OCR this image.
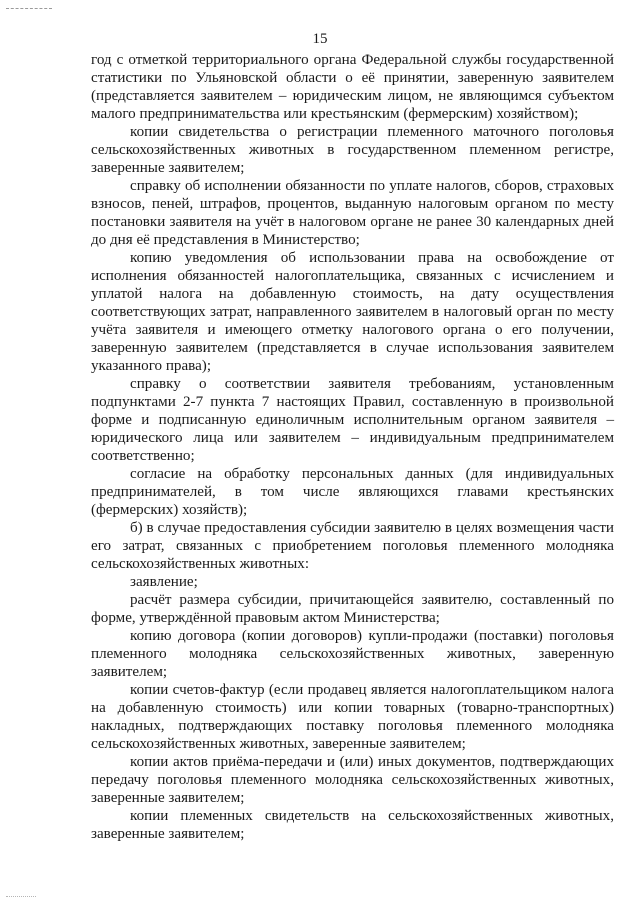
15

год с отметкой территориального органа Федеральной службы государственной статистики по Ульяновской области о её принятии, заверенную заявителем (представляется заявителем – юридическим лицом, не являющимся субъектом малого предпринимательства или крестьянским (фермерским) хозяйством);

копии свидетельства о регистрации племенного маточного поголовья сельскохозяйственных животных в государственном племенном регистре, заверенные заявителем;

справку об исполнении обязанности по уплате налогов, сборов, страховых взносов, пеней, штрафов, процентов, выданную налоговым органом по месту постановки заявителя на учёт в налоговом органе не ранее 30 календарных дней до дня её представления в Министерство;

копию уведомления об использовании права на освобождение от исполнения обязанностей налогоплательщика, связанных с исчислением и уплатой налога на добавленную стоимость, на дату осуществления соответствующих затрат, направленного заявителем в налоговый орган по месту учёта заявителя и имеющего отметку налогового органа о его получении, заверенную заявителем (представляется в случае использования заявителем указанного права);

справку о соответствии заявителя требованиям, установленным подпунктами 2-7 пункта 7 настоящих Правил, составленную в произвольной форме и подписанную единоличным исполнительным органом заявителя – юридического лица или заявителем – индивидуальным предпринимателем соответственно;

согласие на обработку персональных данных (для индивидуальных предпринимателей, в том числе являющихся главами крестьянских (фермерских) хозяйств);

б) в случае предоставления субсидии заявителю в целях возмещения части его затрат, связанных с приобретением поголовья племенного молодняка сельскохозяйственных животных:

заявление;

расчёт размера субсидии, причитающейся заявителю, составленный по форме, утверждённой правовым актом Министерства;

копию договора (копии договоров) купли-продажи (поставки) поголовья племенного молодняка сельскохозяйственных животных, заверенную заявителем;

копии счетов-фактур (если продавец является налогоплательщиком налога на добавленную стоимость) или копии товарных (товарно-транспортных) накладных, подтверждающих поставку поголовья племенного молодняка сельскохозяйственных животных, заверенные заявителем;

копии актов приёма-передачи и (или) иных документов, подтверждающих передачу поголовья племенного молодняка сельскохозяйственных животных, заверенные заявителем;

копии племенных свидетельств на сельскохозяйственных животных, заверенные заявителем;
